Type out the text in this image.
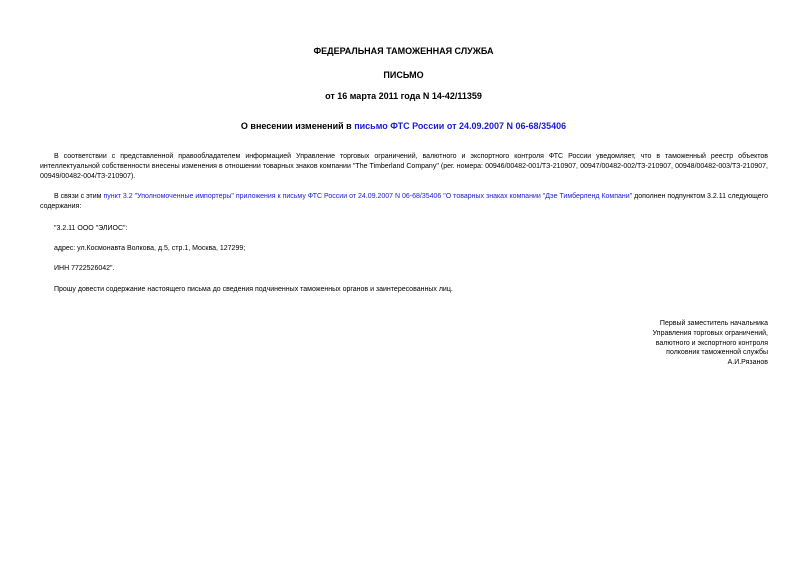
ФЕДЕРАЛЬНАЯ ТАМОЖЕННАЯ СЛУЖБА
ПИСЬМО
от 16 марта 2011 года N 14-42/11359
О внесении изменений в письмо ФТС России от 24.09.2007 N 06-68/35406
В соответствии с представленной правообладателем информацией Управление торговых ограничений, валютного и экспортного контроля ФТС России уведомляет, что в таможенный реестр объектов интеллектуальной собственности внесены изменения в отношении товарных знаков компании "The Timberland Company" (рег. номера: 00946/00482-001/ТЗ-210907, 00947/00482-002/ТЗ-210907, 00948/00482-003/ТЗ-210907, 00949/00482-004/ТЗ-210907).
В связи с этим пункт 3.2 "Уполномоченные импортеры" приложения к письму ФТС России от 24.09.2007 N 06-68/35406 "О товарных знаках компании "Дэе Тимберленд Компани" дополнен подпунктом 3.2.11 следующего содержания:
"3.2.11 ООО "ЭЛИОС":
адрес: ул.Космонавта Волкова, д.5, стр.1, Москва, 127299;
ИНН 7722526042".
Прошу довести содержание настоящего письма до сведения подчиненных таможенных органов и заинтересованных лиц.
Первый заместитель начальника
Управления торговых ограничений,
валютного и экспортного контроля
полковник таможенной службы
А.И.Рязанов
